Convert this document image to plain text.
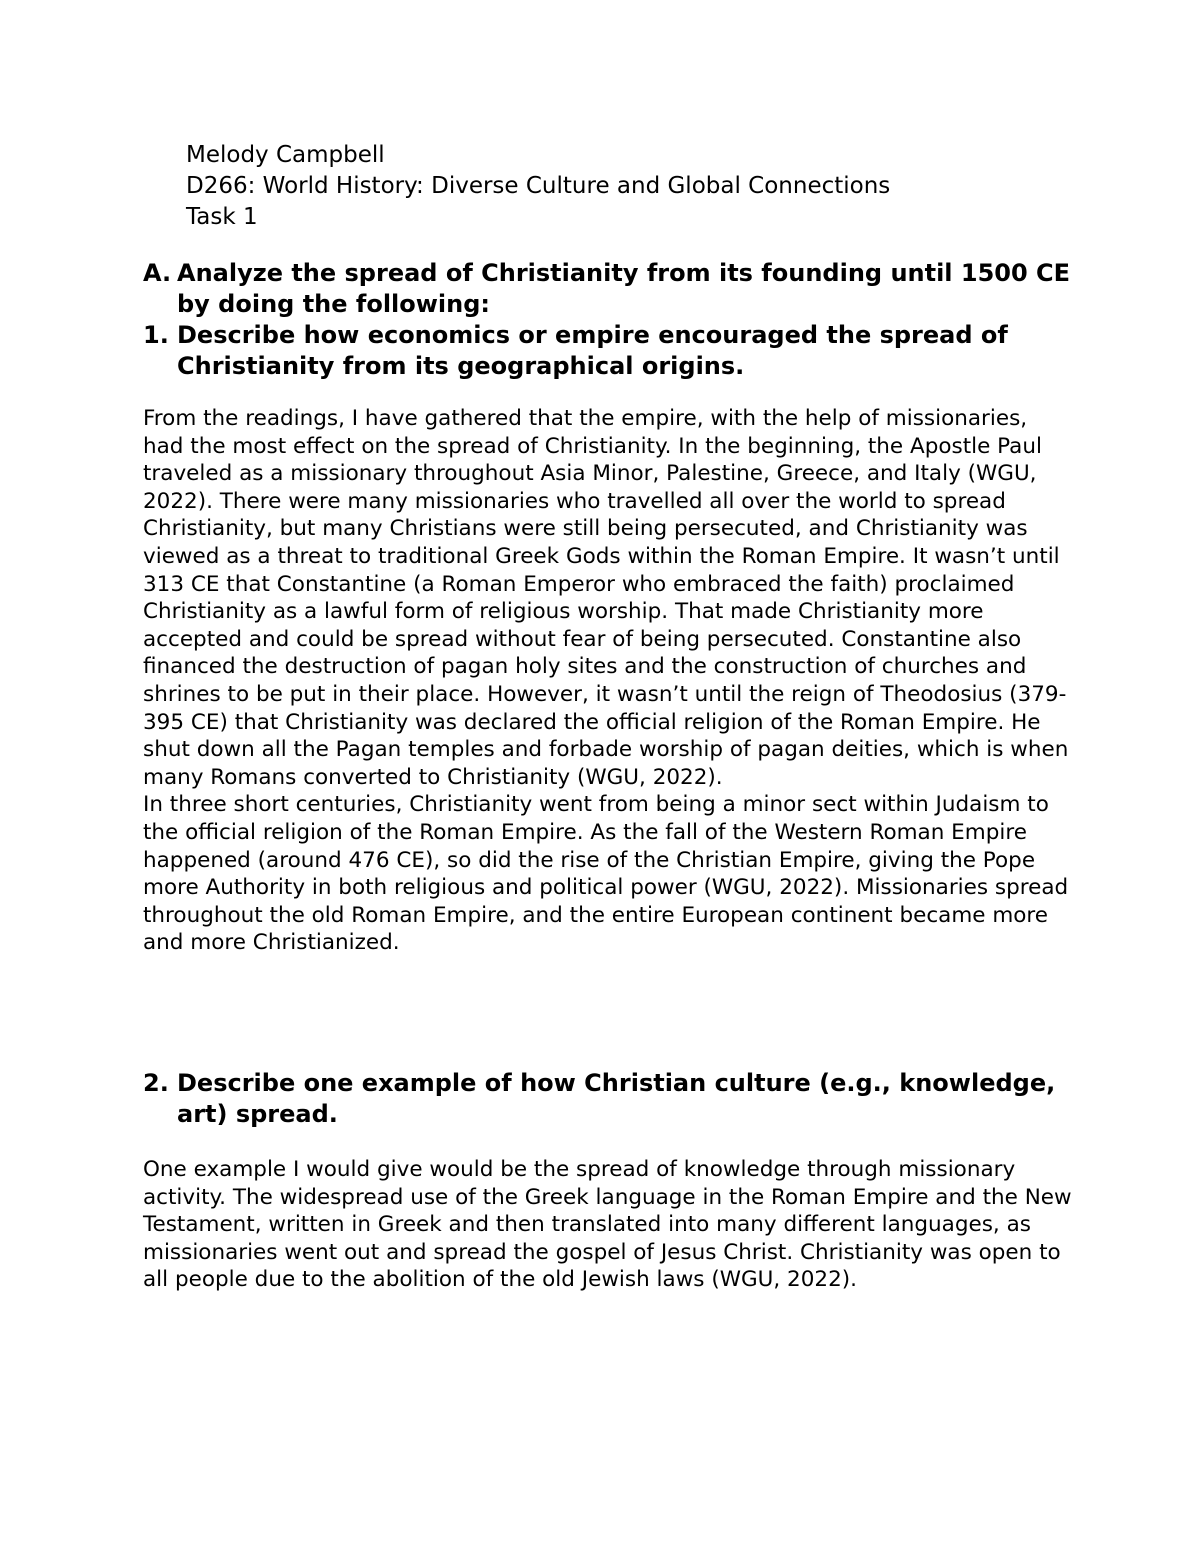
Melody Campbell
D266: World History: Diverse Culture and Global Connections
Task 1
A. Analyze the spread of Christianity from its founding until 1500 CE by doing the following:
1. Describe how economics or empire encouraged the spread of Christianity from its geographical origins.

From the readings, I have gathered that the empire, with the help of missionaries, had the most effect on the spread of Christianity. In the beginning, the Apostle Paul traveled as a missionary throughout Asia Minor, Palestine, Greece, and Italy (WGU, 2022). There were many missionaries who travelled all over the world to spread Christianity, but many Christians were still being persecuted, and Christianity was viewed as a threat to traditional Greek Gods within the Roman Empire. It wasn’t until 313 CE that Constantine (a Roman Emperor who embraced the faith) proclaimed Christianity as a lawful form of religious worship. That made Christianity more accepted and could be spread without fear of being persecuted. Constantine also financed the destruction of pagan holy sites and the construction of churches and shrines to be put in their place. However, it wasn’t until the reign of Theodosius (379-395 CE) that Christianity was declared the official religion of the Roman Empire. He shut down all the Pagan temples and forbade worship of pagan deities, which is when many Romans converted to Christianity (WGU, 2022).

In three short centuries, Christianity went from being a minor sect within Judaism to the official religion of the Roman Empire. As the fall of the Western Roman Empire happened (around 476 CE), so did the rise of the Christian Empire, giving the Pope more Authority in both religious and political power (WGU, 2022). Missionaries spread throughout the old Roman Empire, and the entire European continent became more and more Christianized.

2. Describe one example of how Christian culture (e.g., knowledge, art) spread.

One example I would give would be the spread of knowledge through missionary activity. The widespread use of the Greek language in the Roman Empire and the New Testament, written in Greek and then translated into many different languages, as missionaries went out and spread the gospel of Jesus Christ. Christianity was open to all people due to the abolition of the old Jewish laws (WGU, 2022).
